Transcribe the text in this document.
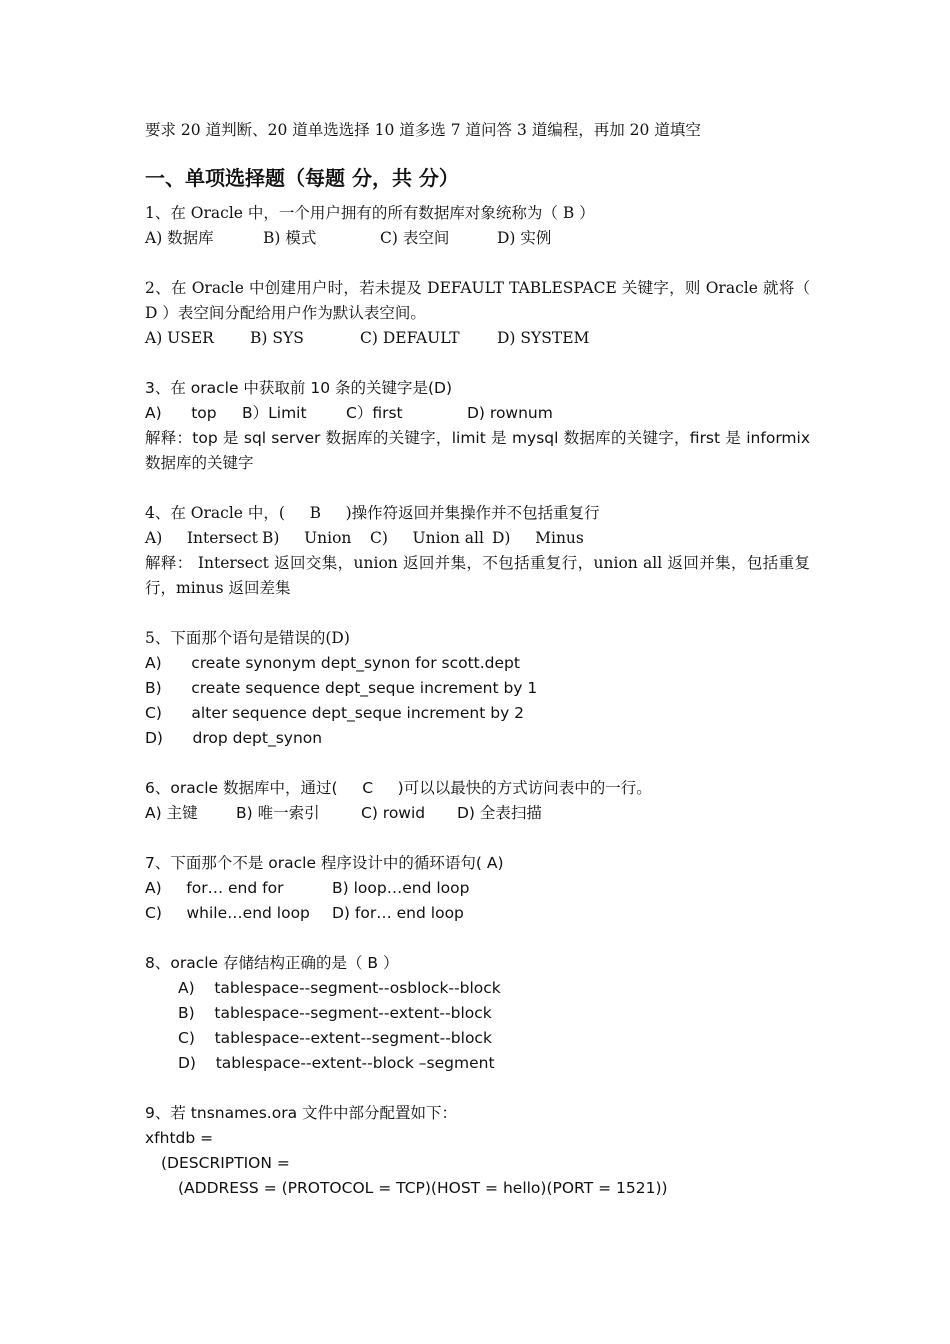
要求 20 道判断、20 道单选选择 10 道多选 7 道问答 3 道编程，再加 20 道填空
一、单项选择题（每题 分，共 分）
1、在 Oracle 中，一个用户拥有的所有数据库对象统称为（ B ）
A) 数据库	B) 模式	C) 表空间	D) 实例
2、在 Oracle 中创建用户时，若未提及 DEFAULT TABLESPACE 关键字，则 Oracle 就将（ D ）表空间分配给用户作为默认表空间。
A) USER B) SYS	C) DEFAULT D) SYSTEM
3、在 oracle 中获取前 10 条的关键字是(D)
A)      top B）Limit	C）first	D) rownum
解释：top 是 sql server 数据库的关键字，limit 是 mysql 数据库的关键字，first 是 informix 数据库的关键字
4、在 Oracle 中，(     B     )操作符返回并集操作并不包括重复行
A)     Intersect B)     Union C)     Union all D)     Minus
解释： Intersect 返回交集，union 返回并集，不包括重复行，union all 返回并集，包括重复行，minus 返回差集
5、下面那个语句是错误的(D)
A)      create synonym dept_synon for scott.dept
B)      create sequence dept_seque increment by 1
C)      alter sequence dept_seque increment by 2
D)      drop dept_synon
6、oracle 数据库中，通过(     C     )可以以最快的方式访问表中的一行。
A) 主键 B) 唯一索引	C) rowid D) 全表扫描
7、下面那个不是 oracle 程序设计中的循环语句( A)
A)     for… end for	B) loop…end loop
C)     while…end loop D) for… end loop
8、oracle 存储结构正确的是（ B ）
A)    tablespace--segment--osblock--block
B)    tablespace--segment--extent--block
C)    tablespace--extent--segment--block
D)    tablespace--extent--block –segment
9、若 tnsnames.ora 文件中部分配置如下：
xfhtdb =
(DESCRIPTION =
(ADDRESS = (PROTOCOL = TCP)(HOST = hello)(PORT = 1521))
